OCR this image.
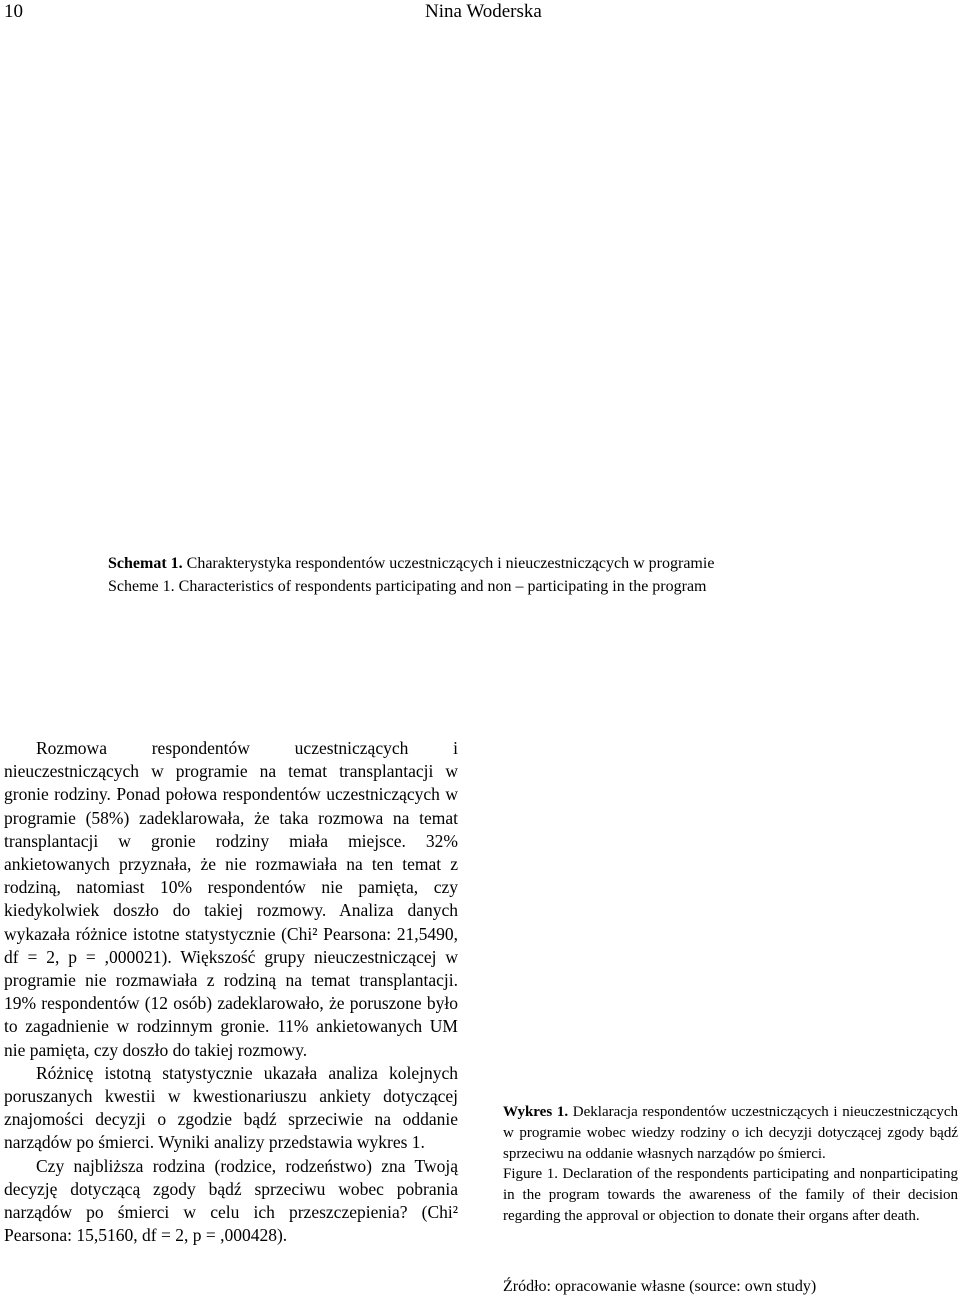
10	Nina Woderska
Schemat 1. Charakterystyka respondentów uczestniczących i nieuczestniczących w programie
Scheme 1. Characteristics of respondents participating and non – participating in the program

Rozmowa respondentów uczestniczących i nieuczestniczących w programie na temat transplantacji w gronie rodziny. Ponad połowa respondentów uczestniczących w programie (58%) zadeklarowała, że taka rozmowa na temat transplantacji w gronie rodziny miała miejsce. 32% ankietowanych przyznała, że nie rozmawiała na ten temat z rodziną, natomiast 10% respondentów nie pamięta, czy kiedykolwiek doszło do takiej rozmowy. Analiza danych wykazała różnice istotne statystycznie (Chi² Pearsona: 21,5490, df = 2, p = ,000021). Większość grupy nieuczestniczącej w programie nie rozmawiała z rodziną na temat transplantacji. 19% respondentów (12 osób) zadeklarowało, że poruszone było to zagadnienie w rodzinnym gronie. 11% ankietowanych UM nie pamięta, czy doszło do takiej rozmowy.

Różnicę istotną statystycznie ukazała analiza kolejnych poruszanych kwestii w kwestionariuszu ankiety dotyczącej znajomości decyzji o zgodzie bądź sprzeciwie na oddanie narządów po śmierci. Wyniki analizy przedstawia wykres 1.

Czy najbliższa rodzina (rodzice, rodzeństwo) zna Twoją decyzję dotyczącą zgody bądź sprzeciwu wobec pobrania narządów po śmierci w celu ich przeszczepienia? (Chi² Pearsona: 15,5160, df = 2, p = ,000428).

Wykres 1. Deklaracja respondentów uczestniczących i nieuczestniczących w programie wobec wiedzy rodziny o ich decyzji dotyczącej zgody bądź sprzeciwu na oddanie własnych narządów po śmierci.

Figure 1. Declaration of the respondents participating and nonparticipating in the program towards the awareness of the family of their decision regarding the approval or objection to donate their organs after death.

Źródło: opracowanie własne (source: own study)
